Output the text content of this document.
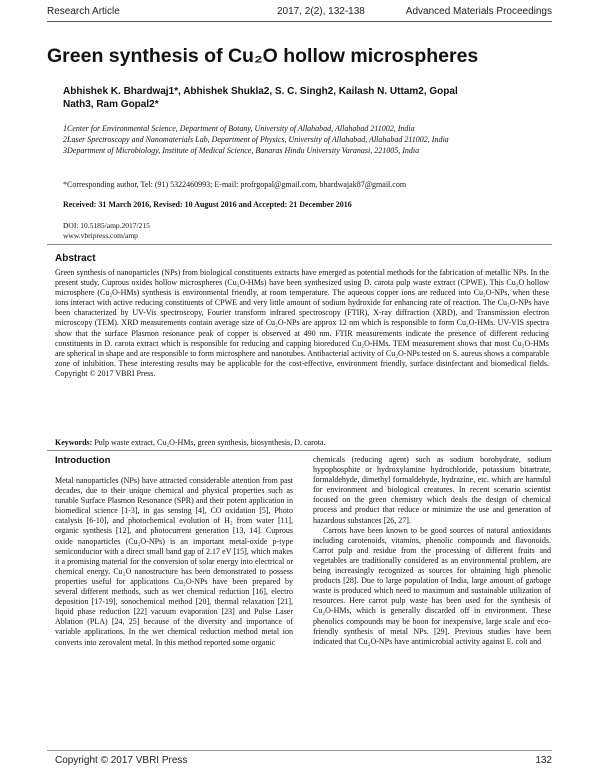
Research Article	2017, 2(2), 132-138	Advanced Materials Proceedings
Green synthesis of Cu₂O hollow microspheres
Abhishek K. Bhardwaj1*, Abhishek Shukla2, S. C. Singh2, Kailash N. Uttam2, Gopal Nath3, Ram Gopal2*

1Center for Environmental Science, Department of Botany, University of Allahabad, Allahabad 211002, India

2Laser Spectroscopy and Nanomaterials Lab, Department of Physics, University of Allahabad, Allahabad 211002, India

3Department of Microbiology, Institute of Medical Science, Banaras Hindu University Varanasi, 221005, India

*Corresponding author, Tel: (91) 5322460993; E-mail: profrgopal@gmail.com, bhardwajak87@gmail.com
Received: 31 March 2016, Revised: 10 August 2016 and Accepted: 21 December 2016
DOI: 10.5185/amp.2017/215
www.vbripress.com/amp
Abstract

Green synthesis of nanoparticles (NPs) from biological constituents extracts have emerged as potential methods for the fabrication of metallic NPs. In the present study, Cuprous oxides hollow microspheres (Cu₂O-HMs) have been synthesized using D. carota pulp waste extract (CPWE). This Cu₂O hollow microsphere (Cu₂O-HMs) synthesis is environmental friendly, at room temperature. The aqueous copper ions are reduced into Cu₂O-NPs, when these ions interact with active reducing constituents of CPWE and very little amount of sodium hydroxide for enhancing rate of reaction. The Cu₂O-NPs have been characterized by UV-Vis spectroscopy, Fourier transform infrared spectroscopy (FTIR), X-ray diffraction (XRD), and Transmission electron microscopy (TEM). XRD measurements contain average size of Cu₂O-NPs are approx 12 nm which is responsible to form Cu₂O-HMs. UV-VIS spectra show that the surface Plasmon resonance peak of copper is observed at 490 nm. FTIR measurements indicate the presence of different reducing constituents in D. carota extract which is responsible for reducing and capping bioreduced Cu₂O-HMs. TEM measurement shows that most Cu₂O-HMs are spherical in shape and are responsible to form microsphere and nanotubes. Antibacterial activity of Cu₂O-NPs tested on S. aureus shows a comparable zone of inhibition. These interesting results may be applicable for the cost-effective, environment friendly, surface disinfectant and biomedical fields. Copyright © 2017 VBRI Press.

Keywords: Pulp waste extract, Cu₂O-HMs, green synthesis, biosynthesis, D. carota.
Introduction

Metal nanoparticles (NPs) have attracted considerable attention from past decades, due to their unique chemical and physical properties such as tunable Surface Plasmon Resonance (SPR) and their potent application in biomedical science [1-3], in gas sensing [4], CO oxidation [5], Photo catalysis [6-10], and photochemical evolution of H₂ from water [11], organic synthesis [12], and photocurrent generation [13, 14]. Cuprous oxide nanoparticles (Cu₂O-NPs) is an important metal-oxide p-type semiconductor with a direct small band gap of 2.17 eV [15], which makes it a promising material for the conversion of solar energy into electrical or chemical energy. Cu₂O nanostructure has been demonstrated to possess properties useful for applications Cu₂O-NPs have been prepared by several different methods, such as wet chemical reduction [16], electro deposition [17-19], sonochemical method [20], thermal relaxation [21], liquid phase reduction [22] vacuum evaporation [23] and Pulse Laser Ablation (PLA) [24, 25] because of the diversity and importance of variable applications. In the wet chemical reduction method metal ion converts into zerovalent metal. In this method reported some organic

chemicals (reducing agent) such as sodium borohydrate, sodium hypophosphite or hydroxylamine hydrochloride, potassium bitartrate, formaldehyde, dimethyl formaldehyde, hydrazine, etc. which are harmful for environment and biological creatures. In recent scenario scientist focused on the green chemistry which deals the design of chemical process and product that reduce or minimize the use and generation of hazardous substances [26, 27].

Carrots have been known to be good sources of natural antioxidants including carotenoids, vitamins, phenolic compounds and flavonoids. Carrot pulp and residue from the processing of different fruits and vegetables are traditionally considered as an environmental problem, are being increasingly recognized as sources for obtaining high phenolic products [28]. Due to large population of India, large amount of garbage waste is produced which need to maximum and sustainable utilization of resources. Here carrot pulp waste has been used for the synthesis of Cu₂O-HMs, which is generally discarded off in environment. These phenolics compounds may be boon for inexpensive, large scale and eco-friendly synthesis of metal NPs. [29]. Previous studies have been indicated that Cu₂O-NPs have antimicrobial activity against E. coli and

Copyright © 2017 VBRI Press	132
